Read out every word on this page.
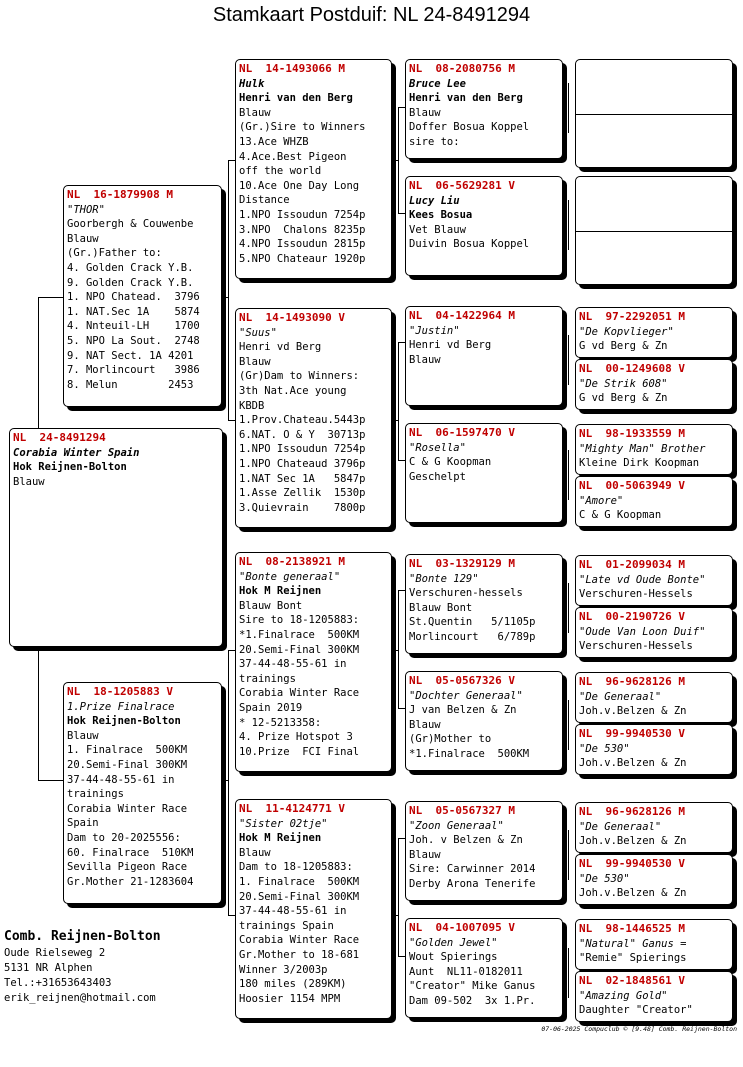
Stamkaart Postduif: NL 24-8491294
NL  24-8491294
Corabia Winter Spain
Hok Reijnen-Bolton
Blauw
NL  16-1879908 M
"THOR"
Goorbergh & Couwenbe
Blauw
(Gr.)Father to:
4. Golden Crack Y.B.
9. Golden Crack Y.B.
1. NPO Chatead.  3796
1. NAT.Sec 1A    5874
4. Nnteuil-LH    1700
5. NPO La Sout.  2748
9. NAT Sect. 1A 4201
7. Morlincourt   3986
8. Melun        2453
NL  18-1205883 V
1.Prize Finalrace
Hok Reijnen-Bolton
Blauw
1. Finalrace  500KM
20.Semi-Final 300KM
37-44-48-55-61 in
trainings
Corabia Winter Race
Spain
Dam to 20-2025556:
60. Finalrace  510KM
Sevilla Pigeon Race
Gr.Mother 21-1283604
NL  14-1493066 M
Hulk
Henri van den Berg
Blauw
(Gr.)Sire to Winners
13.Ace WHZB
4.Ace.Best Pigeon
off the world
10.Ace One Day Long
Distance
1.NPO Issoudun 7254p
3.NPO  Chalons 8235p
4.NPO Issoudun 2815p
5.NPO Chateaur 1920p
NL  14-1493090 V
"Suus"
Henri vd Berg
Blauw
(Gr)Dam to Winners:
3th Nat.Ace young
KBDB
1.Prov.Chateau.5443p
6.NAT. O & Y  30713p
1.NPO Issoudun 7254p
1.NPO Chateaud 3796p
1.NAT Sec 1A   5847p
1.Asse Zellik  1530p
3.Quievrain    7800p
NL  08-2138921 M
"Bonte generaal"
Hok M Reijnen
Blauw Bont
Sire to 18-1205883:
*1.Finalrace  500KM
20.Semi-Final 300KM
37-44-48-55-61 in
trainings
Corabia Winter Race
Spain 2019
* 12-5213358:
4. Prize Hotspot 3
10.Prize  FCI Final
NL  11-4124771 V
"Sister 02tje"
Hok M Reijnen
Blauw
Dam to 18-1205883:
1. Finalrace  500KM
20.Semi-Final 300KM
37-44-48-55-61 in
trainings Spain
Corabia Winter Race
Gr.Mother to 18-681
Winner 3/2003p
180 miles (289KM)
Hoosier 1154 MPM
NL  08-2080756 M
Bruce Lee
Henri van den Berg
Blauw
Doffer Bosua Koppel
sire to:
NL  06-5629281 V
Lucy Liu
Kees Bosua
Vet Blauw
Duivin Bosua Koppel
NL  04-1422964 M
"Justin"
Henri vd Berg
Blauw
NL  06-1597470 V
"Rosella"
C & G Koopman
Geschelpt
NL  03-1329129 M
"Bonte 129"
Verschuren-hessels
Blauw Bont
St.Quentin   5/1105p
Morlincourt   6/789p
NL  05-0567326 V
"Dochter Generaal"
J van Belzen & Zn
Blauw
(Gr)Mother to
*1.Finalrace  500KM
NL  05-0567327 M
"Zoon Generaal"
Joh. v Belzen & Zn
Blauw
Sire: Carwinner 2014
Derby Arona Tenerife
NL  04-1007095 V
"Golden Jewel"
Wout Spierings
Aunt  NL11-0182011
"Creator" Mike Ganus
Dam 09-502  3x 1.Pr.
NL  97-2292051 M
"De Kopvlieger"
G vd Berg & Zn
NL  00-1249608 V
"De Strik 608"
G vd Berg & Zn
NL  98-1933559 M
"Mighty Man" Brother
Kleine Dirk Koopman
NL  00-5063949 V
"Amore"
C & G Koopman
NL  01-2099034 M
"Late vd Oude Bonte"
Verschuren-Hessels
NL  00-2190726 V
"Oude Van Loon Duif"
Verschuren-Hessels
NL  96-9628126 M
"De Generaal"
Joh.v.Belzen & Zn
NL  99-9940530 V
"De 530"
Joh.v.Belzen & Zn
NL  96-9628126 M
"De Generaal"
Joh.v.Belzen & Zn
NL  99-9940530 V
"De 530"
Joh.v.Belzen & Zn
NL  98-1446525 M
"Natural" Ganus =
"Remie" Spierings
NL  02-1848561 V
"Amazing Gold"
Daughter "Creator"
Comb. Reijnen-Bolton
Oude Rielseweg 2
5131 NR Alphen
Tel.:+31653643403
erik_reijnen@hotmail.com
07-06-2025 Compuclub © [9.48] Comb. Reijnen-Bolton
